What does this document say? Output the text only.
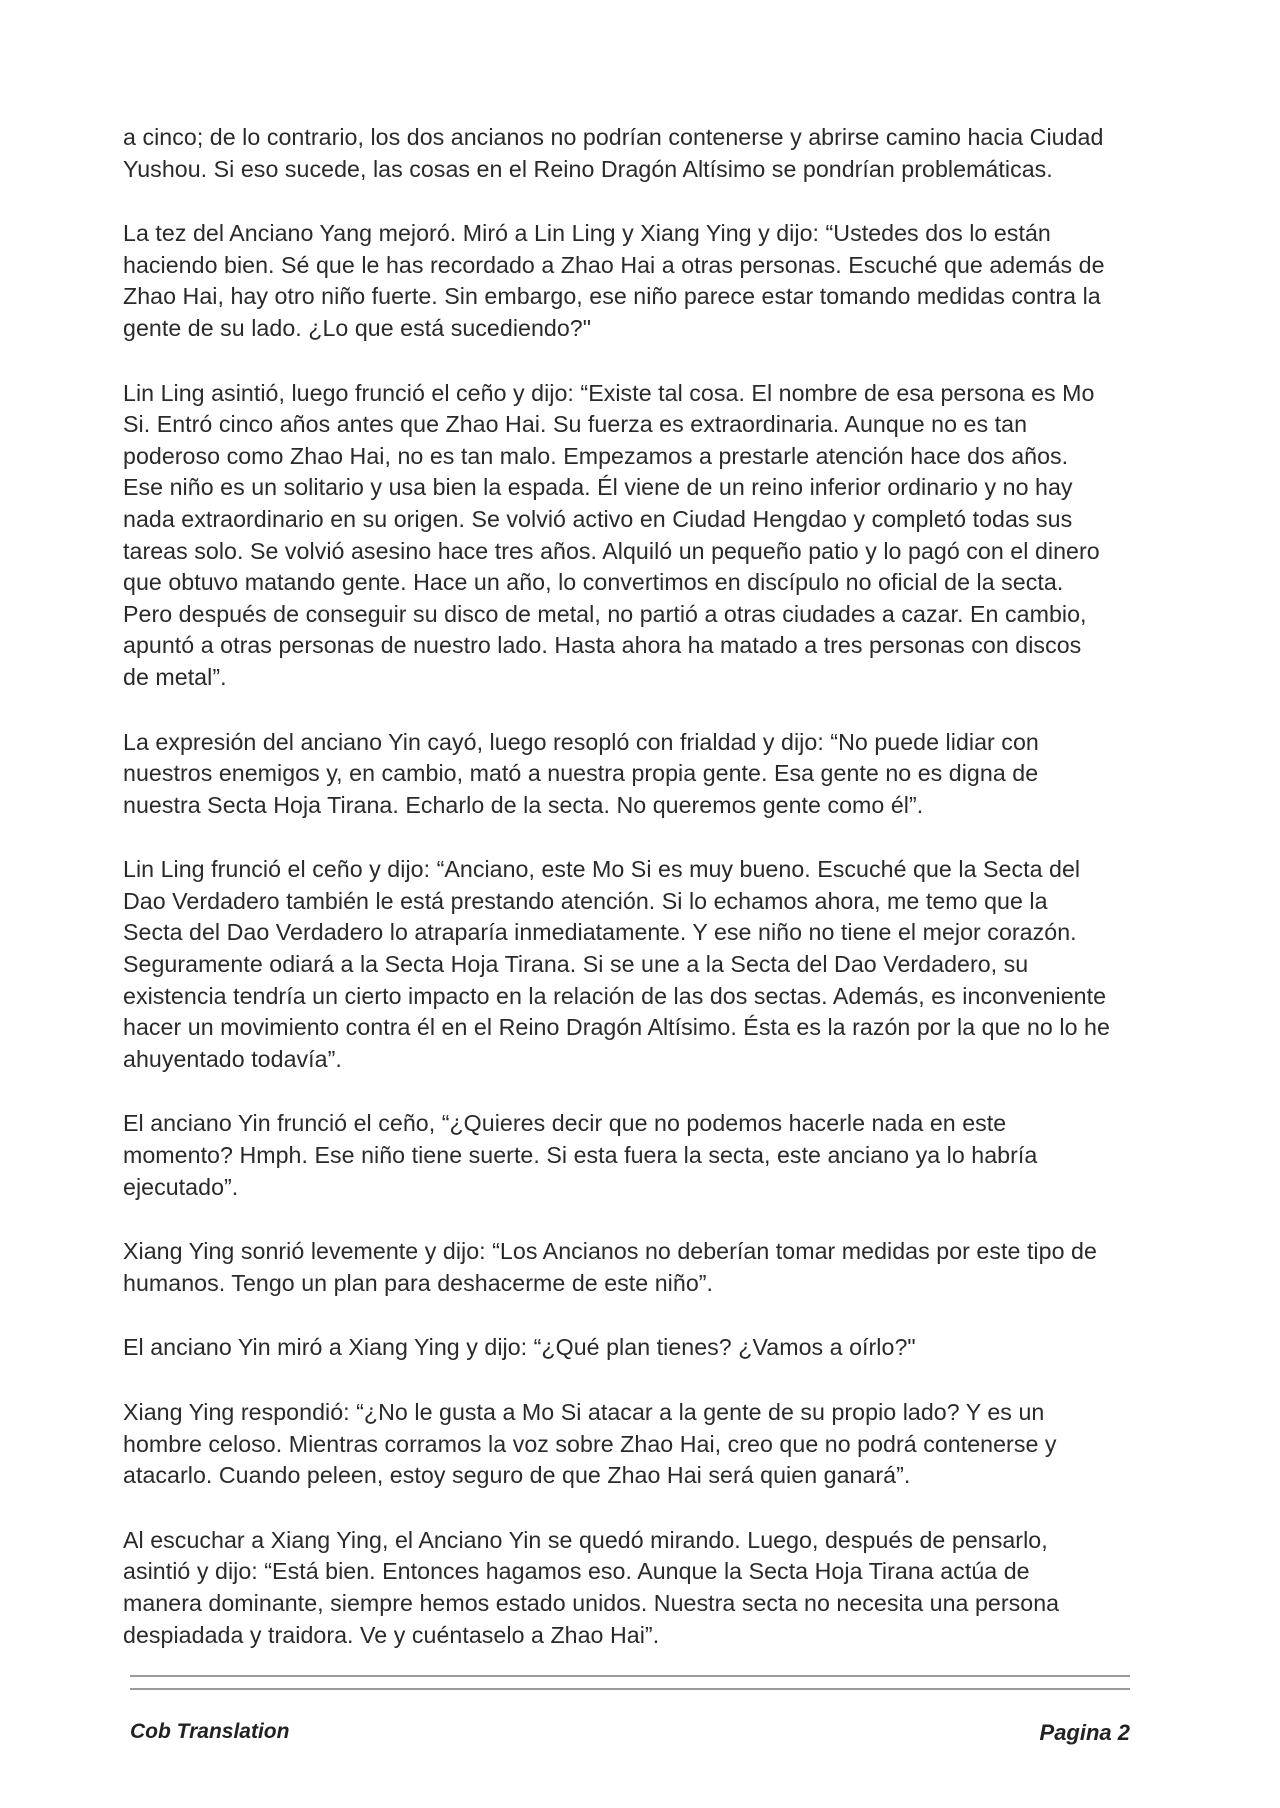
a cinco; de lo contrario, los dos ancianos no podrían contenerse y abrirse camino hacia Ciudad
Yushou. Si eso sucede, las cosas en el Reino Dragón Altísimo se pondrían problemáticas.

La tez del Anciano Yang mejoró. Miró a Lin Ling y Xiang Ying y dijo: “Ustedes dos lo están
haciendo bien. Sé que le has recordado a Zhao Hai a otras personas. Escuché que además de
Zhao Hai, hay otro niño fuerte. Sin embargo, ese niño parece estar tomando medidas contra la
gente de su lado. ¿Lo que está sucediendo?"

Lin Ling asintió, luego frunció el ceño y dijo: “Existe tal cosa. El nombre de esa persona es Mo
Si. Entró cinco años antes que Zhao Hai. Su fuerza es extraordinaria. Aunque no es tan
poderoso como Zhao Hai, no es tan malo. Empezamos a prestarle atención hace dos años.
Ese niño es un solitario y usa bien la espada. Él viene de un reino inferior ordinario y no hay
nada extraordinario en su origen. Se volvió activo en Ciudad Hengdao y completó todas sus
tareas solo. Se volvió asesino hace tres años. Alquiló un pequeño patio y lo pagó con el dinero
que obtuvo matando gente. Hace un año, lo convertimos en discípulo no oficial de la secta.
Pero después de conseguir su disco de metal, no partió a otras ciudades a cazar. En cambio,
apuntó a otras personas de nuestro lado. Hasta ahora ha matado a tres personas con discos
de metal”.

La expresión del anciano Yin cayó, luego resopló con frialdad y dijo: “No puede lidiar con
nuestros enemigos y, en cambio, mató a nuestra propia gente. Esa gente no es digna de
nuestra Secta Hoja Tirana. Echarlo de la secta. No queremos gente como él”.

Lin Ling frunció el ceño y dijo: “Anciano, este Mo Si es muy bueno. Escuché que la Secta del
Dao Verdadero también le está prestando atención. Si lo echamos ahora, me temo que la
Secta del Dao Verdadero lo atraparía inmediatamente. Y ese niño no tiene el mejor corazón.
Seguramente odiará a la Secta Hoja Tirana. Si se une a la Secta del Dao Verdadero, su
existencia tendría un cierto impacto en la relación de las dos sectas. Además, es inconveniente
hacer un movimiento contra él en el Reino Dragón Altísimo. Ésta es la razón por la que no lo he
ahuyentado todavía”.

El anciano Yin frunció el ceño, “¿Quieres decir que no podemos hacerle nada en este
momento? Hmph. Ese niño tiene suerte. Si esta fuera la secta, este anciano ya lo habría
ejecutado”.

Xiang Ying sonrió levemente y dijo: “Los Ancianos no deberían tomar medidas por este tipo de
humanos. Tengo un plan para deshacerme de este niño”.

El anciano Yin miró a Xiang Ying y dijo: “¿Qué plan tienes? ¿Vamos a oírlo?"

Xiang Ying respondió: “¿No le gusta a Mo Si atacar a la gente de su propio lado? Y es un
hombre celoso. Mientras corramos la voz sobre Zhao Hai, creo que no podrá contenerse y
atacarlo. Cuando peleen, estoy seguro de que Zhao Hai será quien ganará”.

Al escuchar a Xiang Ying, el Anciano Yin se quedó mirando. Luego, después de pensarlo,
asintió y dijo: “Está bien. Entonces hagamos eso. Aunque la Secta Hoja Tirana actúa de
manera dominante, siempre hemos estado unidos. Nuestra secta no necesita una persona
despiadada y traidora. Ve y cuéntaselo a Zhao Hai”.

Cob Translation	Pagina 2
